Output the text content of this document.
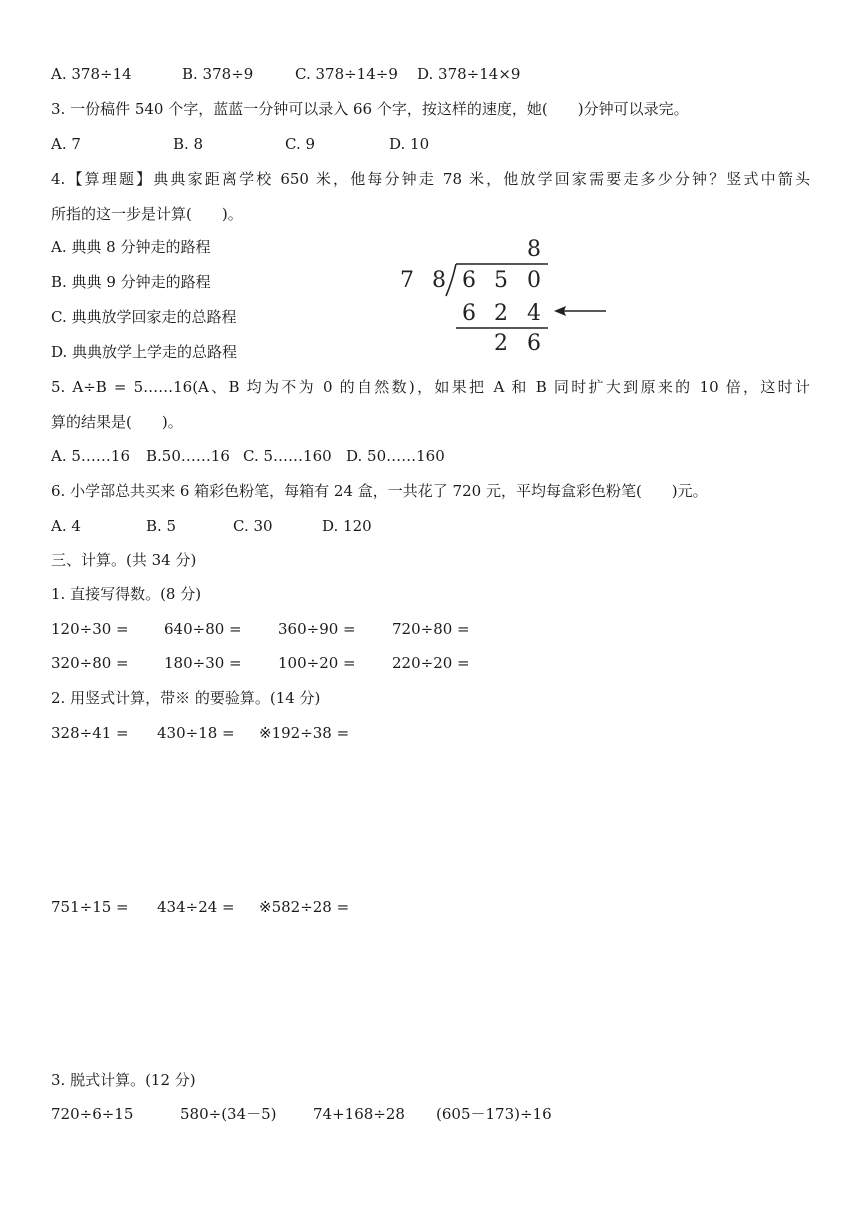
A. 378÷14	B. 378÷9	C. 378÷14÷9 D. 378÷14×9
3. 一份稿件 540 个字，蓝蓝一分钟可以录入 66 个字，按这样的速度，她(　　)分钟可以录完。
A. 7	B. 8	C. 9	D. 10
4.【算理题】典典家距离学校 650 米，他每分钟走 78 米，他放学回家需要走多少分钟？竖式中箭头
所指的这一步是计算(　　)。
A. 典典 8 分钟走的路程
B. 典典 9 分钟走的路程
C. 典典放学回家走的总路程
D. 典典放学上学走的总路程
8
7 8 6 5 0
6 2 4
2 6
5. A÷B = 5……16(A、B 均为不为 0 的自然数)，如果把 A 和 B 同时扩大到原来的 10 倍，这时计
算的结果是(　　)。
A. 5……16 B.50……16 C. 5……160 D. 50……160
6. 小学部总共买来 6 箱彩色粉笔，每箱有 24 盒，一共花了 720 元，平均每盒彩色粉笔(　　)元。
A. 4	B. 5	C. 30	D. 120
三、计算。(共 34 分)
1. 直接写得数。(8 分)
120÷30 = 640÷80 = 360÷90 = 720÷80 =
320÷80 = 180÷30 = 100÷20 = 220÷20 =
2. 用竖式计算，带※ 的要验算。(14 分)
328÷41 = 430÷18 = ※192÷38 =
751÷15 = 434÷24 = ※582÷28 =
3. 脱式计算。(12 分)
720÷6÷15	580÷(34－5) 74+168÷28 (605－173)÷16
